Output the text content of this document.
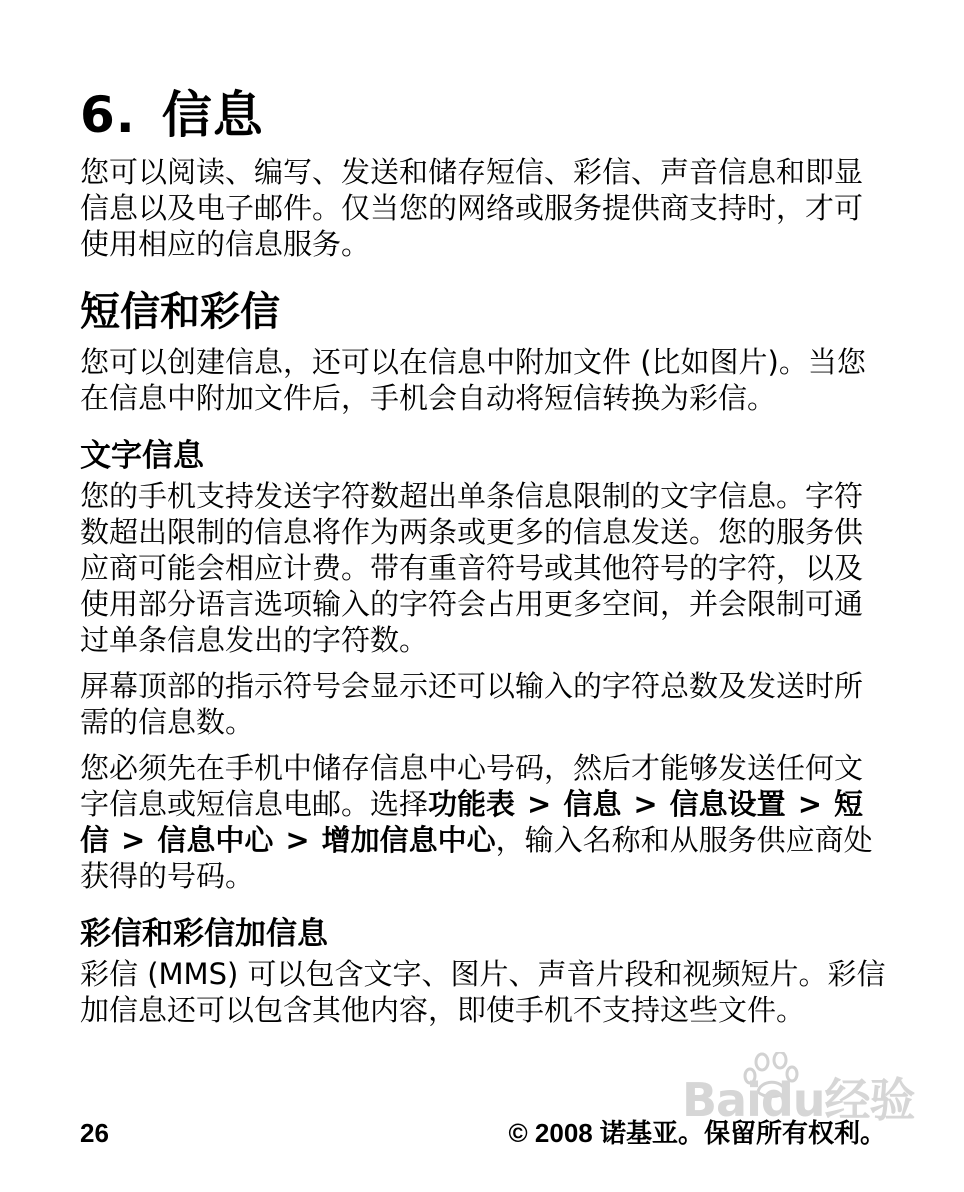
6. 信息

您可以阅读、编写、发送和储存短信、彩信、声音信息和即显信息以及电子邮件。仅当您的网络或服务提供商支持时，才可使用相应的信息服务。

短信和彩信

您可以创建信息，还可以在信息中附加文件 (比如图片)。当您在信息中附加文件后，手机会自动将短信转换为彩信。

文字信息

您的手机支持发送字符数超出单条信息限制的文字信息。字符数超出限制的信息将作为两条或更多的信息发送。您的服务供应商可能会相应计费。带有重音符号或其他符号的字符，以及使用部分语言选项输入的字符会占用更多空间，并会限制可通过单条信息发出的字符数。

屏幕顶部的指示符号会显示还可以输入的字符总数及发送时所需的信息数。

您必须先在手机中储存信息中心号码，然后才能够发送任何文字信息或短信息电邮。选择功能表 > 信息 > 信息设置 > 短信 > 信息中心 > 增加信息中心，输入名称和从服务供应商处获得的号码。

彩信和彩信加信息

彩信 (MMS) 可以包含文字、图片、声音片段和视频短片。彩信加信息还可以包含其他内容，即使手机不支持这些文件。

Baidu经验
26	© 2008 诺基亚。保留所有权利。
